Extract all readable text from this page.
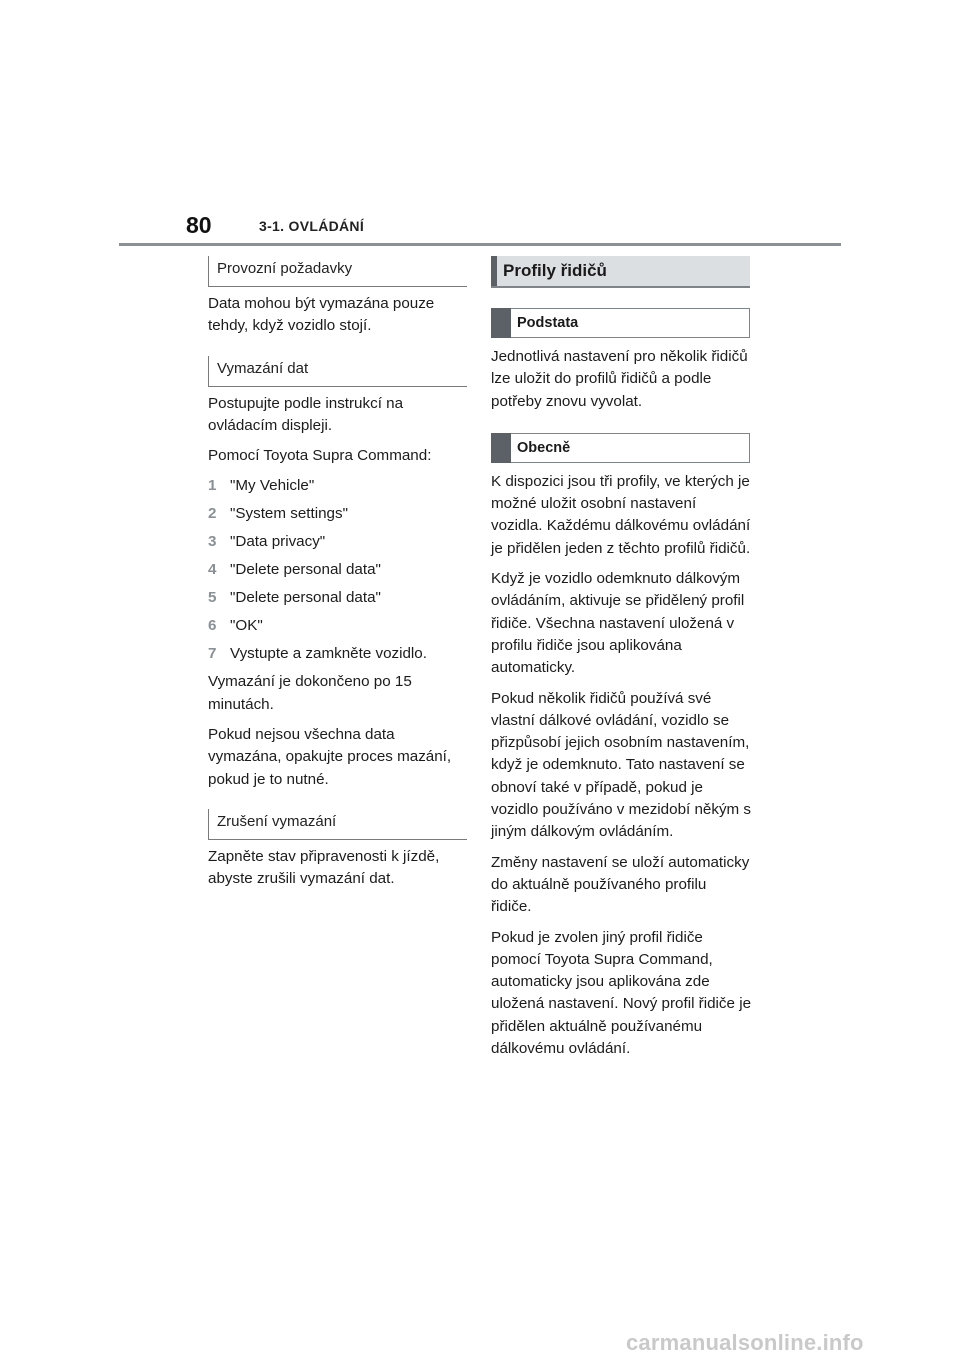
80	3-1. OVLÁDÁNÍ
Provozní požadavky

Data mohou být vymazána pouze tehdy, když vozidlo stojí.

Vymazání dat

Postupujte podle instrukcí na ovládacím displeji.

Pomocí Toyota Supra Command:

1 "My Vehicle"
2 "System settings"
3 "Data privacy"
4 "Delete personal data"
5 "Delete personal data"
6 "OK"
7 Vystupte a zamkněte vozidlo.

Vymazání je dokončeno po 15 minutách.

Pokud nejsou všechna data vymazána, opakujte proces mazání, pokud je to nutné.

Zrušení vymazání

Zapněte stav připravenosti k jízdě, abyste zrušili vymazání dat.

Profily řidičů
Podstata

Jednotlivá nastavení pro několik řidičů lze uložit do profilů řidičů a podle potřeby znovu vyvolat.

Obecně

K dispozici jsou tři profily, ve kterých je možné uložit osobní nastavení vozidla. Každému dálkovému ovládání je přidělen jeden z těchto profilů řidičů.

Když je vozidlo odemknuto dálkovým ovládáním, aktivuje se přidělený profil řidiče. Všechna nastavení uložená v profilu řidiče jsou aplikována automaticky.

Pokud několik řidičů používá své vlastní dálkové ovládání, vozidlo se přizpůsobí jejich osobním nastavením, když je odemknuto. Tato nastavení se obnoví také v případě, pokud je vozidlo používáno v mezidobí někým s jiným dálkovým ovládáním.

Změny nastavení se uloží automaticky do aktuálně používaného profilu řidiče.

Pokud je zvolen jiný profil řidiče pomocí Toyota Supra Command, automaticky jsou aplikována zde uložená nastavení. Nový profil řidiče je přidělen aktuálně používanému dálkovému ovládání.

carmanualsonline.info
